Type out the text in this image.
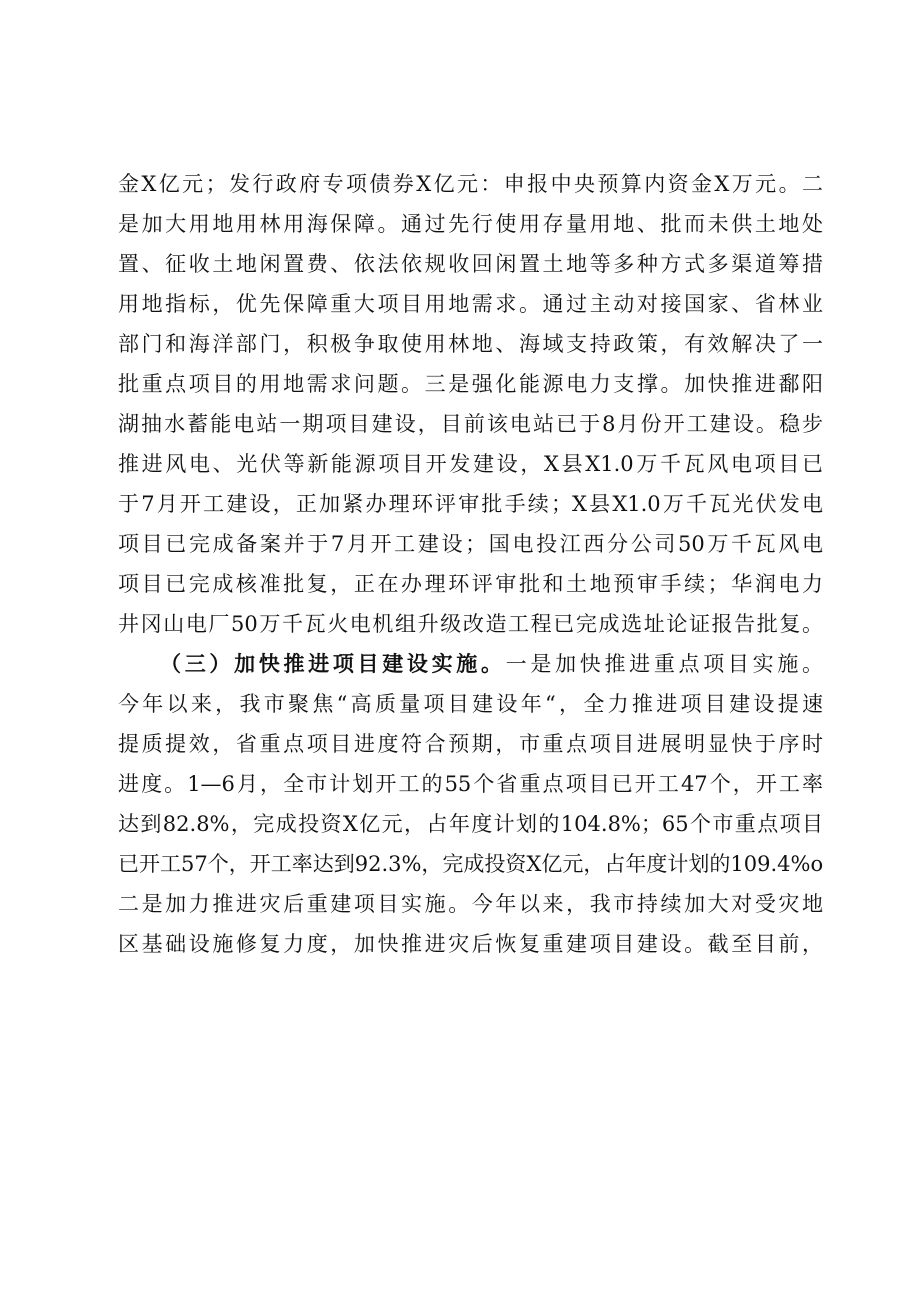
金X亿元；发行政府专项债券X亿元：申报中央预算内资金X万元。二
是加大用地用林用海保障。通过先行使用存量用地、批而未供土地处
置、征收土地闲置费、依法依规收回闲置土地等多种方式多渠道筹措
用地指标，优先保障重大项目用地需求。通过主动对接国家、省林业
部门和海洋部门，积极争取使用林地、海域支持政策，有效解决了一
批重点项目的用地需求问题。三是强化能源电力支撑。加快推进鄱阳
湖抽水蓄能电站一期项目建设，目前该电站已于8月份开工建设。稳步
推进风电、光伏等新能源项目开发建设，X县X1.0万千瓦风电项目已
于7月开工建设，正加紧办理环评审批手续；X县X1.0万千瓦光伏发电
项目已完成备案并于7月开工建设；国电投江西分公司50万千瓦风电
项目已完成核准批复，正在办理环评审批和土地预审手续；华润电力
井冈山电厂50万千瓦火电机组升级改造工程已完成选址论证报告批复。
（三）加快推进项目建设实施。一是加快推进重点项目实施。
今年以来，我市聚焦“高质量项目建设年“，全力推进项目建设提速
提质提效，省重点项目进度符合预期，市重点项目进展明显快于序时
进度。1—6月，全市计划开工的55个省重点项目已开工47个，开工率
达到82.8%，完成投资X亿元，占年度计划的104.8%；65个市重点项目
已开工57个，开工率达到92.3%，完成投资X亿元，占年度计划的109.4%o
二是加力推进灾后重建项目实施。今年以来，我市持续加大对受灾地
区基础设施修复力度，加快推进灾后恢复重建项目建设。截至目前，
